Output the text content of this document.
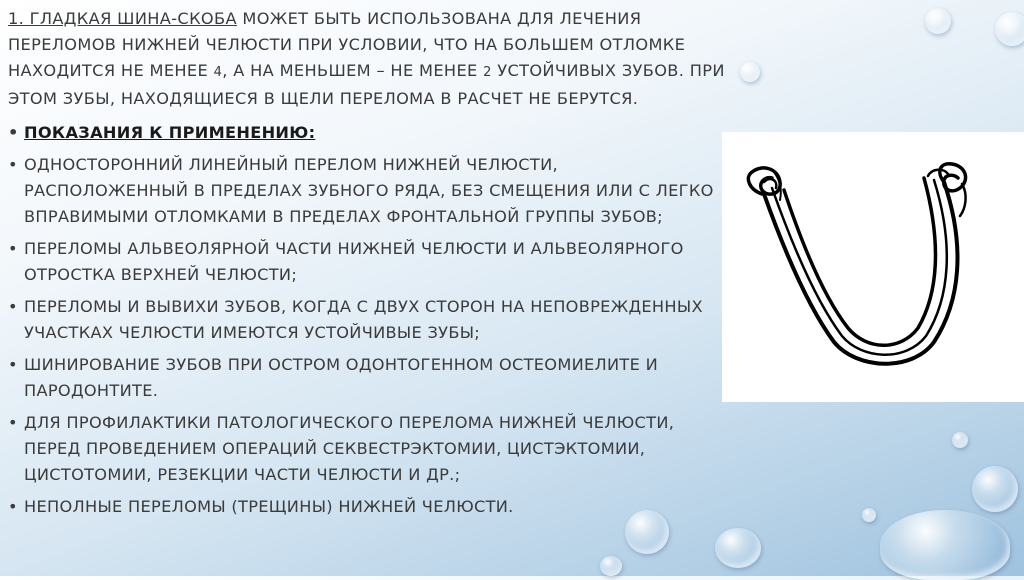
1. ГЛАДКАЯ ШИНА-СКОБА МОЖЕТ БЫТЬ ИСПОЛЬЗОВАНА ДЛЯ ЛЕЧЕНИЯ ПЕРЕЛОМОВ НИЖНЕЙ ЧЕЛЮСТИ ПРИ УСЛОВИИ, ЧТО НА БОЛЬШЕМ ОТЛОМКЕ НАХОДИТСЯ НЕ МЕНЕЕ 4, А НА МЕНЬШЕМ – НЕ МЕНЕЕ 2 УСТОЙЧИВЫХ ЗУБОВ. ПРИ ЭТОМ ЗУБЫ, НАХОДЯЩИЕСЯ В ЩЕЛИ ПЕРЕЛОМА В РАСЧЕТ НЕ БЕРУТСЯ.

• ПОКАЗАНИЯ К ПРИМЕНЕНИЮ:
• ОДНОСТОРОННИЙ ЛИНЕЙНЫЙ ПЕРЕЛОМ НИЖНЕЙ ЧЕЛЮСТИ, РАСПОЛОЖЕННЫЙ В ПРЕДЕЛАХ ЗУБНОГО РЯДА, БЕЗ СМЕЩЕНИЯ ИЛИ С ЛЕГКО ВПРАВИМЫМИ ОТЛОМКАМИ В ПРЕДЕЛАХ ФРОНТАЛЬНОЙ ГРУППЫ ЗУБОВ;
• ПЕРЕЛОМЫ АЛЬВЕОЛЯРНОЙ ЧАСТИ НИЖНЕЙ ЧЕЛЮСТИ И АЛЬВЕОЛЯРНОГО ОТРОСТКА ВЕРХНЕЙ ЧЕЛЮСТИ;
• ПЕРЕЛОМЫ И ВЫВИХИ ЗУБОВ, КОГДА С ДВУХ СТОРОН НА НЕПОВРЕЖДЕННЫХ УЧАСТКАХ ЧЕЛЮСТИ ИМЕЮТСЯ УСТОЙЧИВЫЕ ЗУБЫ;
• ШИНИРОВАНИЕ ЗУБОВ ПРИ ОСТРОМ ОДОНТОГЕННОМ ОСТЕОМИЕЛИТЕ И ПАРОДОНТИТЕ.
• ДЛЯ ПРОФИЛАКТИКИ ПАТОЛОГИЧЕСКОГО ПЕРЕЛОМА НИЖНЕЙ ЧЕЛЮСТИ, ПЕРЕД ПРОВЕДЕНИЕМ ОПЕРАЦИЙ СЕКВЕСТРЭКТОМИИ, ЦИСТЭКТОМИИ, ЦИСТОТОМИИ, РЕЗЕКЦИИ ЧАСТИ ЧЕЛЮСТИ И ДР.;
• НЕПОЛНЫЕ ПЕРЕЛОМЫ (ТРЕЩИНЫ) НИЖНЕЙ ЧЕЛЮСТИ.
